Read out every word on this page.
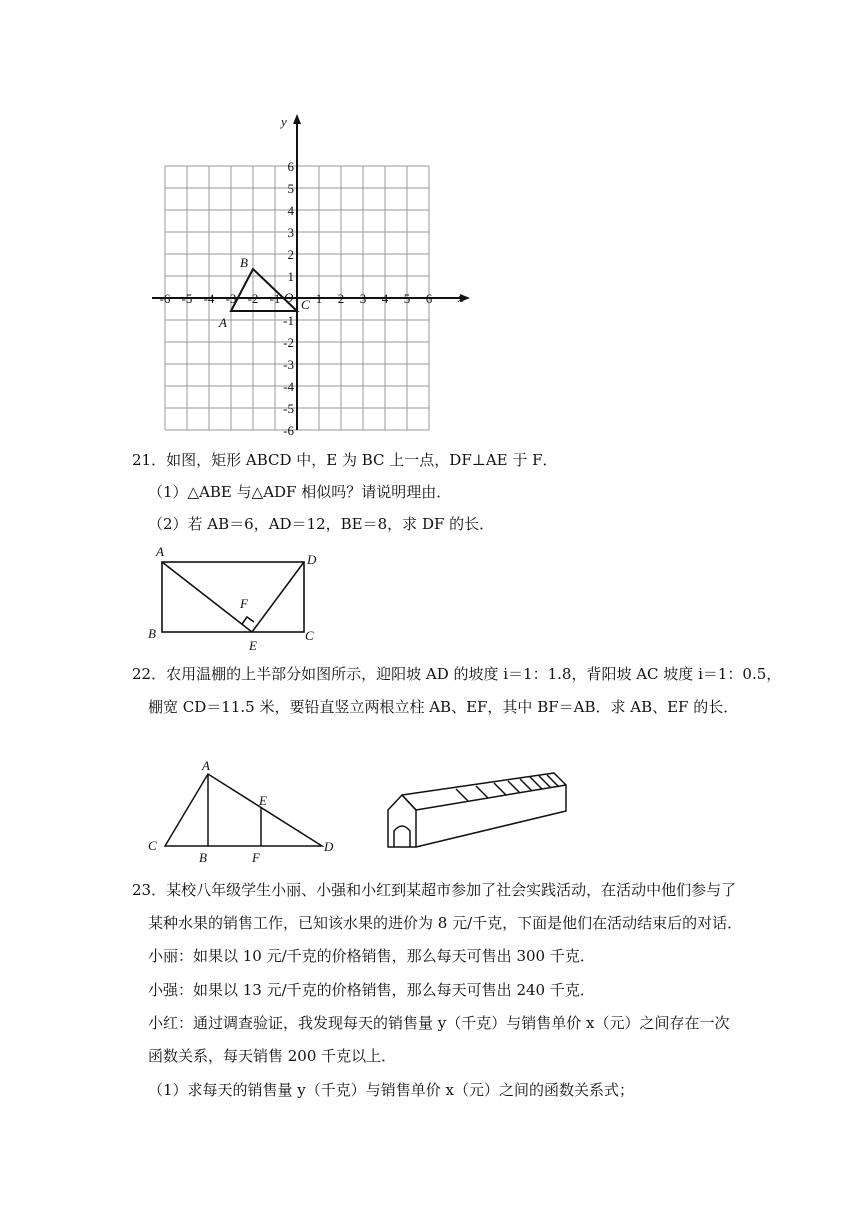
x
y
O
-6 -5 -4 -3 -2 -1	1 2 3 4 5 6
6
5
4
3
2
1
-1
-2
-3
-4
-5
-6
A
B
C
21．如图，矩形 ABCD 中，E 为 BC 上一点，DF⊥AE 于 F．
（1）△ABE 与△ADF 相似吗？请说明理由．
（2）若 AB＝6，AD＝12，BE＝8，求 DF 的长．
A
D
B	C
E
F
22．农用温棚的上半部分如图所示，迎阳坡 AD 的坡度 i＝1：1.8，背阳坡 AC 坡度 i＝1：0.5，
棚宽 CD＝11.5 米，要铅直竖立两根立柱 AB、EF，其中 BF＝AB．求 AB、EF 的长．
A
E
C	D
B	F
23．某校八年级学生小丽、小强和小红到某超市参加了社会实践活动，在活动中他们参与了
某种水果的销售工作，已知该水果的进价为 8 元/千克，下面是他们在活动结束后的对话．
小丽：如果以 10 元/千克的价格销售，那么每天可售出 300 千克．
小强：如果以 13 元/千克的价格销售，那么每天可售出 240 千克．
小红：通过调查验证，我发现每天的销售量 y（千克）与销售单价 x（元）之间存在一次
函数关系，每天销售 200 千克以上．
（1）求每天的销售量 y（千克）与销售单价 x（元）之间的函数关系式；
